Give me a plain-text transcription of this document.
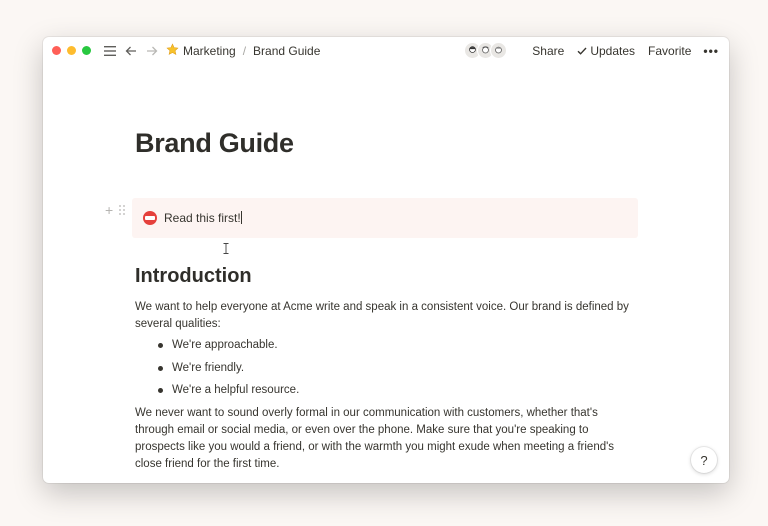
Marketing / Brand Guide	Share Updates Favorite •••
Brand Guide
+	Read this first!
Introduction

We want to help everyone at Acme write and speak in a consistent voice. Our brand is defined by several qualities:

We're approachable.
We're friendly.
We're a helpful resource.

We never want to sound overly formal in our communication with customers, whether that's through email or social media, or even over the phone. Make sure that you're speaking to prospects like you would a friend, or with the warmth you might exude when meeting a friend's close friend for the first time.	?
